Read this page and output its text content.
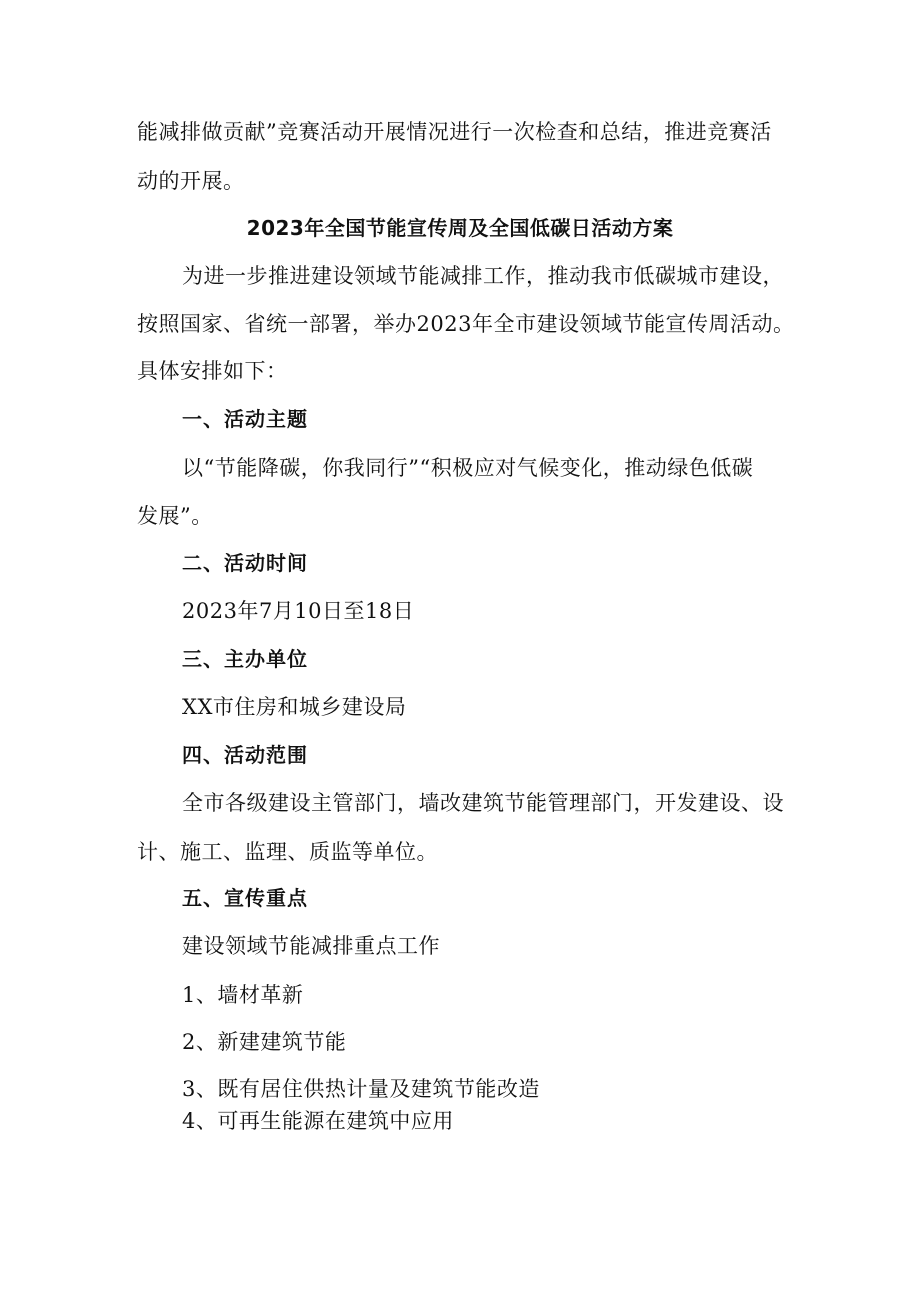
能减排做贡献”竞赛活动开展情况进行一次检查和总结，推进竞赛活
动的开展。
2023年全国节能宣传周及全国低碳日活动方案
为进一步推进建设领域节能减排工作，推动我市低碳城市建设，
按照国家、省统一部署，举办2023年全市建设领域节能宣传周活动。
具体安排如下：
一、活动主题
以“节能降碳，你我同行”“积极应对气候变化，推动绿色低碳
发展”。
二、活动时间
2023年7月10日至18日
三、主办单位
XX市住房和城乡建设局
四、活动范围
全市各级建设主管部门，墙改建筑节能管理部门，开发建设、设
计、施工、监理、质监等单位。
五、宣传重点
建设领域节能减排重点工作
1、墙材革新
2、新建建筑节能
3、既有居住供热计量及建筑节能改造
4、可再生能源在建筑中应用
